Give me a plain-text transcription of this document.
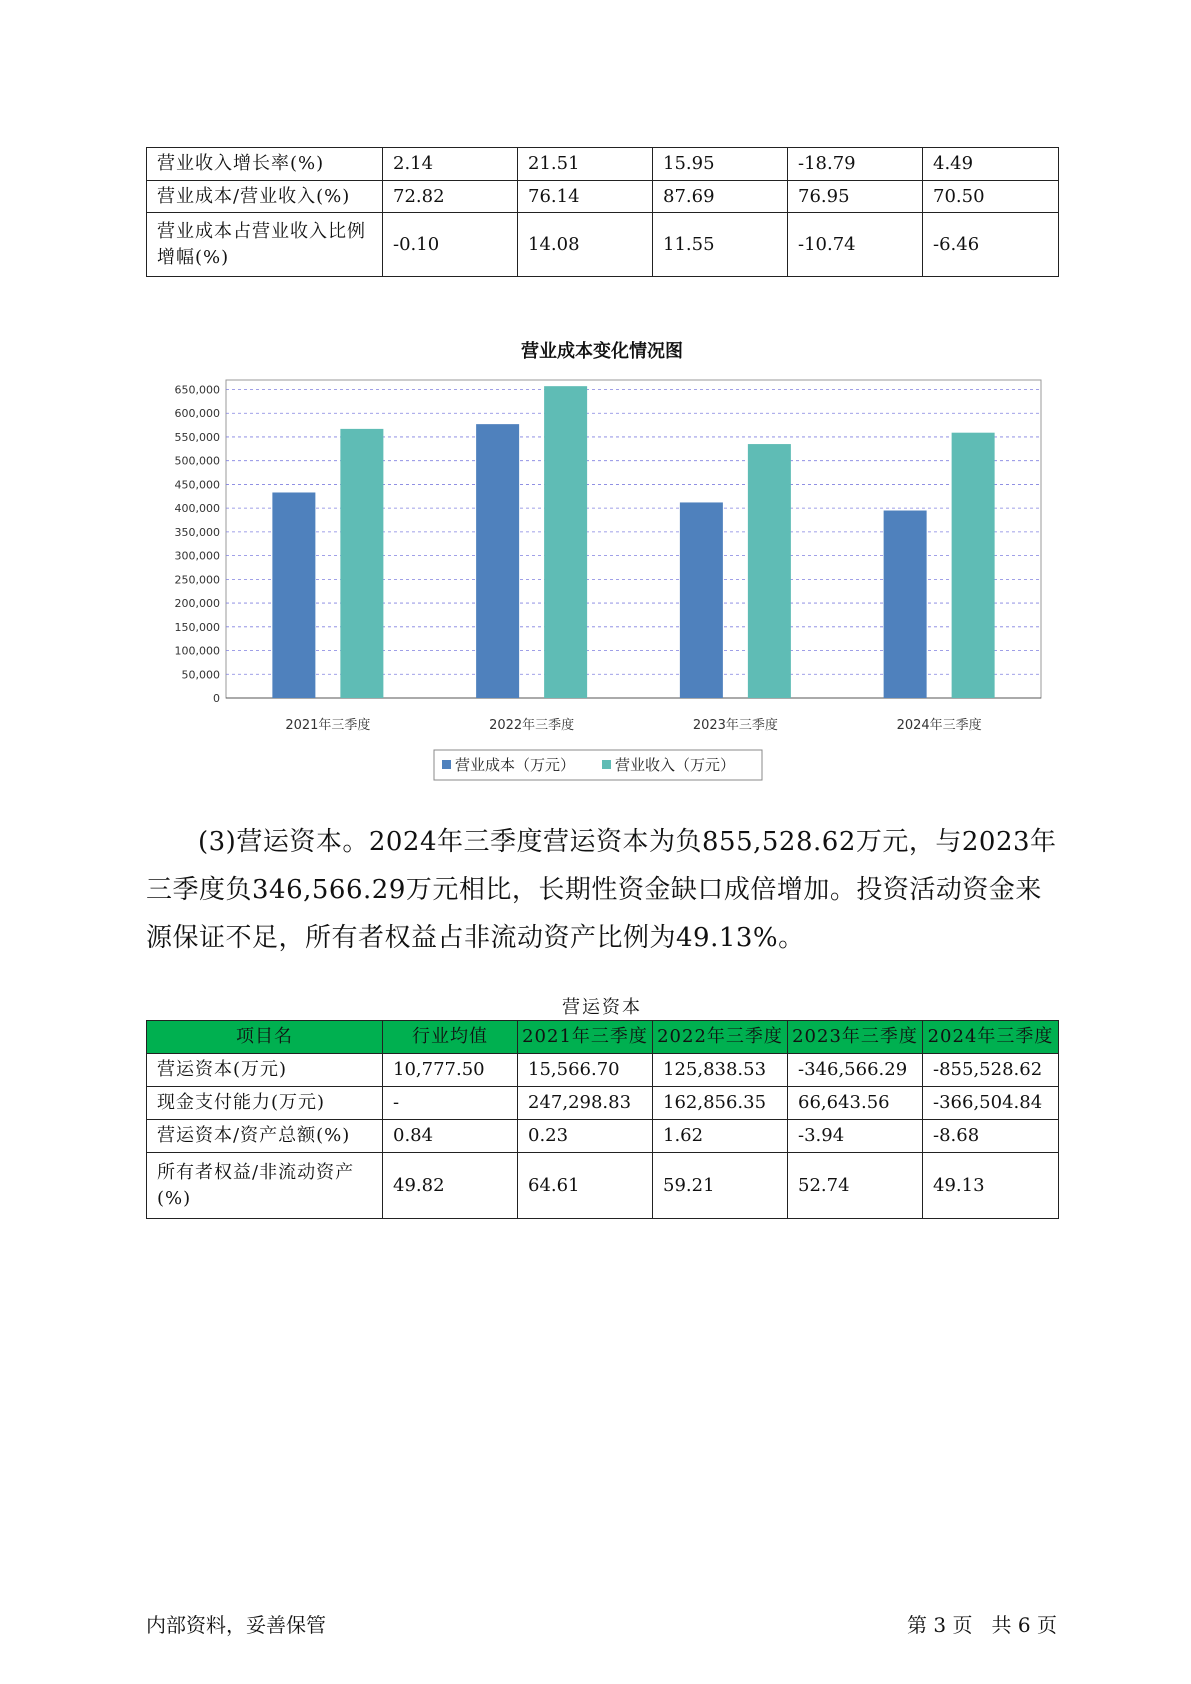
营业收入增长率(%)	2.14	21.51	15.95	-18.79	4.49
营业成本/营业收入(%)	72.82	76.14	87.69	76.95	70.50
营业成本占营业收入比例增幅(%)	-0.10	14.08	11.55	-10.74	-6.46
营业成本变化情况图
0
50,000
100,000
150,000
200,000
250,000
300,000
350,000
400,000
450,000
500,000
550,000
600,000
650,000
2021年三季度	2022年三季度	2023年三季度	2024年三季度
营业成本（万元）	营业收入（万元）

(3)营运资本。2024年三季度营运资本为负855,528.62万元，与2023年三季度负346,566.29万元相比，长期性资金缺口成倍增加。投资活动资金来源保证不足，所有者权益占非流动资产比例为49.13%。

营运资本
项目名	行业均值	2021年三季度	2022年三季度	2023年三季度	2024年三季度
营运资本(万元)	10,777.50	15,566.70	125,838.53	-346,566.29	-855,528.62
现金支付能力(万元)	-	247,298.83	162,856.35	66,643.56	-366,504.84
营运资本/资产总额(%)	0.84	0.23	1.62	-3.94	-8.68
所有者权益/非流动资产(%)	49.82	64.61	59.21	52.74	49.13
内部资料，妥善保管	第 3 页   共 6 页
